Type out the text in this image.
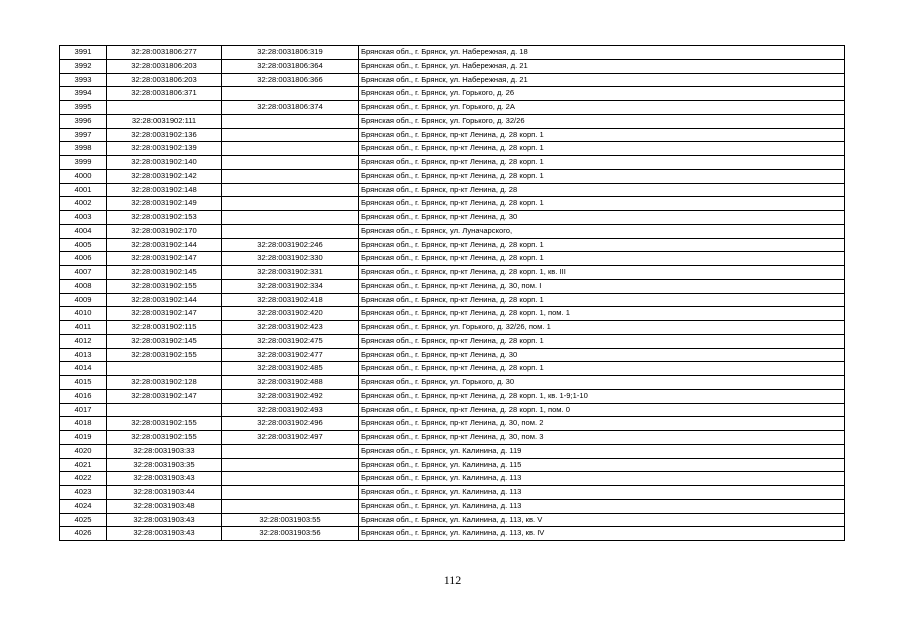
3991	32:28:0031806:277	32:28:0031806:319	Брянская обл., г. Брянск, ул. Набережная, д. 18
3992	32:28:0031806:203	32:28:0031806:364	Брянская обл., г. Брянск, ул. Набережная, д. 21
3993	32:28:0031806:203	32:28:0031806:366	Брянская обл., г. Брянск, ул. Набережная, д. 21
3994	32:28:0031806:371		Брянская обл., г. Брянск, ул. Горького, д. 26
3995		32:28:0031806:374	Брянская обл., г. Брянск, ул. Горького, д. 2А
3996	32:28:0031902:111		Брянская обл., г. Брянск, ул. Горького, д. 32/26
3997	32:28:0031902:136		Брянская обл., г. Брянск, пр-кт Ленина, д. 28 корп. 1
3998	32:28:0031902:139		Брянская обл., г. Брянск, пр-кт Ленина, д. 28 корп. 1
3999	32:28:0031902:140		Брянская обл., г. Брянск, пр-кт Ленина, д. 28 корп. 1
4000	32:28:0031902:142		Брянская обл., г. Брянск, пр-кт Ленина, д. 28 корп. 1
4001	32:28:0031902:148		Брянская обл., г. Брянск, пр-кт Ленина, д. 28
4002	32:28:0031902:149		Брянская обл., г. Брянск, пр-кт Ленина, д. 28 корп. 1
4003	32:28:0031902:153		Брянская обл., г. Брянск, пр-кт Ленина, д. 30
4004	32:28:0031902:170		Брянская обл., г. Брянск, ул. Луначарского,
4005	32:28:0031902:144	32:28:0031902:246	Брянская обл., г. Брянск, пр-кт Ленина, д. 28 корп. 1
4006	32:28:0031902:147	32:28:0031902:330	Брянская обл., г. Брянск, пр-кт Ленина, д. 28 корп. 1
4007	32:28:0031902:145	32:28:0031902:331	Брянская обл., г. Брянск, пр-кт Ленина, д. 28 корп. 1, кв. III
4008	32:28:0031902:155	32:28:0031902:334	Брянская обл., г. Брянск, пр-кт Ленина, д. 30, пом. I
4009	32:28:0031902:144	32:28:0031902:418	Брянская обл., г. Брянск, пр-кт Ленина, д. 28 корп. 1
4010	32:28:0031902:147	32:28:0031902:420	Брянская обл., г. Брянск, пр-кт Ленина, д. 28 корп. 1, пом. 1
4011	32:28:0031902:115	32:28:0031902:423	Брянская обл., г. Брянск, ул. Горького, д. 32/26, пом. 1
4012	32:28:0031902:145	32:28:0031902:475	Брянская обл., г. Брянск, пр-кт Ленина, д. 28 корп. 1
4013	32:28:0031902:155	32:28:0031902:477	Брянская обл., г. Брянск, пр-кт Ленина, д. 30
4014		32:28:0031902:485	Брянская обл., г. Брянск, пр-кт Ленина, д. 28 корп. 1
4015	32:28:0031902:128	32:28:0031902:488	Брянская обл., г. Брянск, ул. Горького, д. 30
4016	32:28:0031902:147	32:28:0031902:492	Брянская обл., г. Брянск, пр-кт Ленина, д. 28 корп. 1, кв. 1-9;1-10
4017		32:28:0031902:493	Брянская обл., г. Брянск, пр-кт Ленина, д. 28 корп. 1, пом. 0
4018	32:28:0031902:155	32:28:0031902:496	Брянская обл., г. Брянск, пр-кт Ленина, д. 30, пом. 2
4019	32:28:0031902:155	32:28:0031902:497	Брянская обл., г. Брянск, пр-кт Ленина, д. 30, пом. 3
4020	32:28:0031903:33		Брянская обл., г. Брянск, ул. Калинина, д. 119
4021	32:28:0031903:35		Брянская обл., г. Брянск, ул. Калинина, д. 115
4022	32:28:0031903:43		Брянская обл., г. Брянск, ул. Калинина, д. 113
4023	32:28:0031903:44		Брянская обл., г. Брянск, ул. Калинина, д. 113
4024	32:28:0031903:48		Брянская обл., г. Брянск, ул. Калинина, д. 113
4025	32:28:0031903:43	32:28:0031903:55	Брянская обл., г. Брянск, ул. Калинина, д. 113, кв. V
4026	32:28:0031903:43	32:28:0031903:56	Брянская обл., г. Брянск, ул. Калинина, д. 113, кв. IV
112
